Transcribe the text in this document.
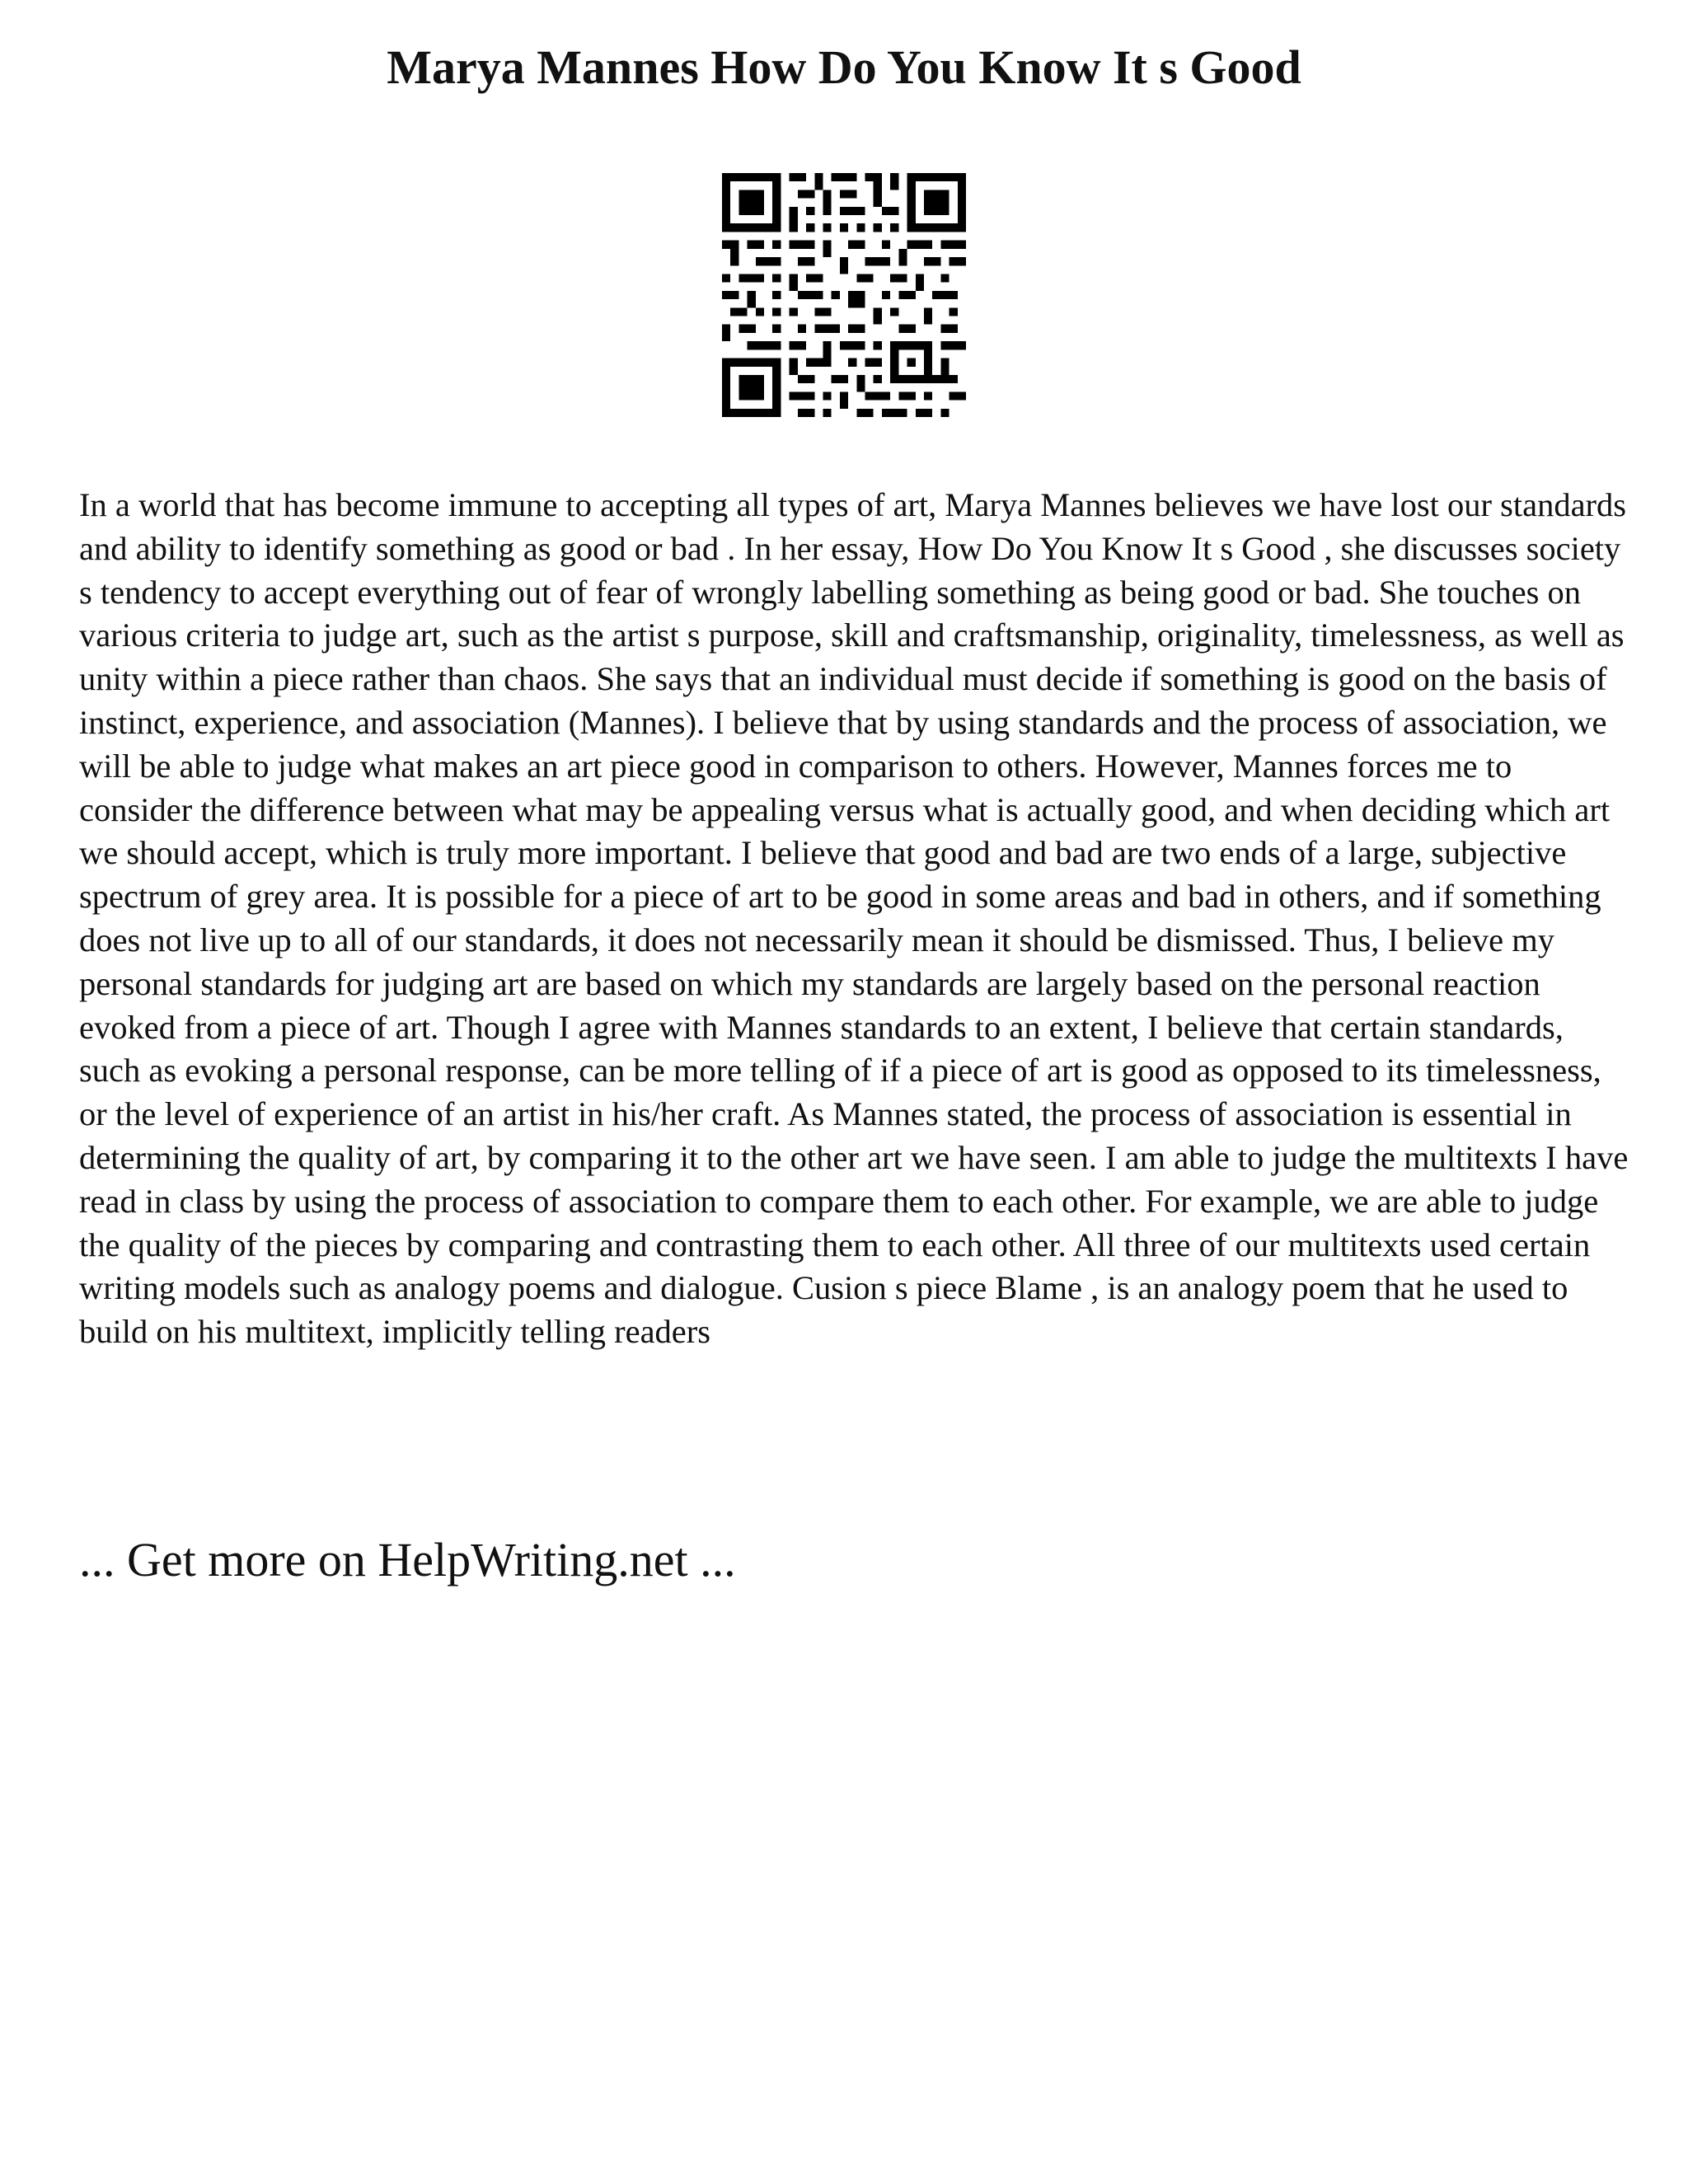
Marya Mannes How Do You Know It s Good

In a world that has become immune to accepting all types of art, Marya Mannes believes we have lost our standards and ability to identify something as good or bad . In her essay, How Do You Know It s Good , she discusses society s tendency to accept everything out of fear of wrongly labelling something as being good or bad. She touches on various criteria to judge art, such as the artist s purpose, skill and craftsmanship, originality, timelessness, as well as unity within a piece rather than chaos. She says that an individual must decide if something is good on the basis of instinct, experience, and association (Mannes). I believe that by using standards and the process of association, we will be able to judge what makes an art piece good in comparison to others. However, Mannes forces me to consider the difference between what may be appealing versus what is actually good, and when deciding which art we should accept, which is truly more important. I believe that good and bad are two ends of a large, subjective spectrum of grey area. It is possible for a piece of art to be good in some areas and bad in others, and if something does not live up to all of our standards, it does not necessarily mean it should be dismissed. Thus, I believe my personal standards for judging art are based on which my standards are largely based on the personal reaction evoked from a piece of art. Though I agree with Mannes standards to an extent, I believe that certain standards, such as evoking a personal response, can be more telling of if a piece of art is good as opposed to its timelessness, or the level of experience of an artist in his/her craft. As Mannes stated, the process of association is essential in determining the quality of art, by comparing it to the other art we have seen. I am able to judge the multitexts I have read in class by using the process of association to compare them to each other. For example, we are able to judge the quality of the pieces by comparing and contrasting them to each other. All three of our multitexts used certain writing models such as analogy poems and dialogue. Cusion s piece Blame , is an analogy poem that he used to build on his multitext, implicitly telling readers

... Get more on HelpWriting.net ...
